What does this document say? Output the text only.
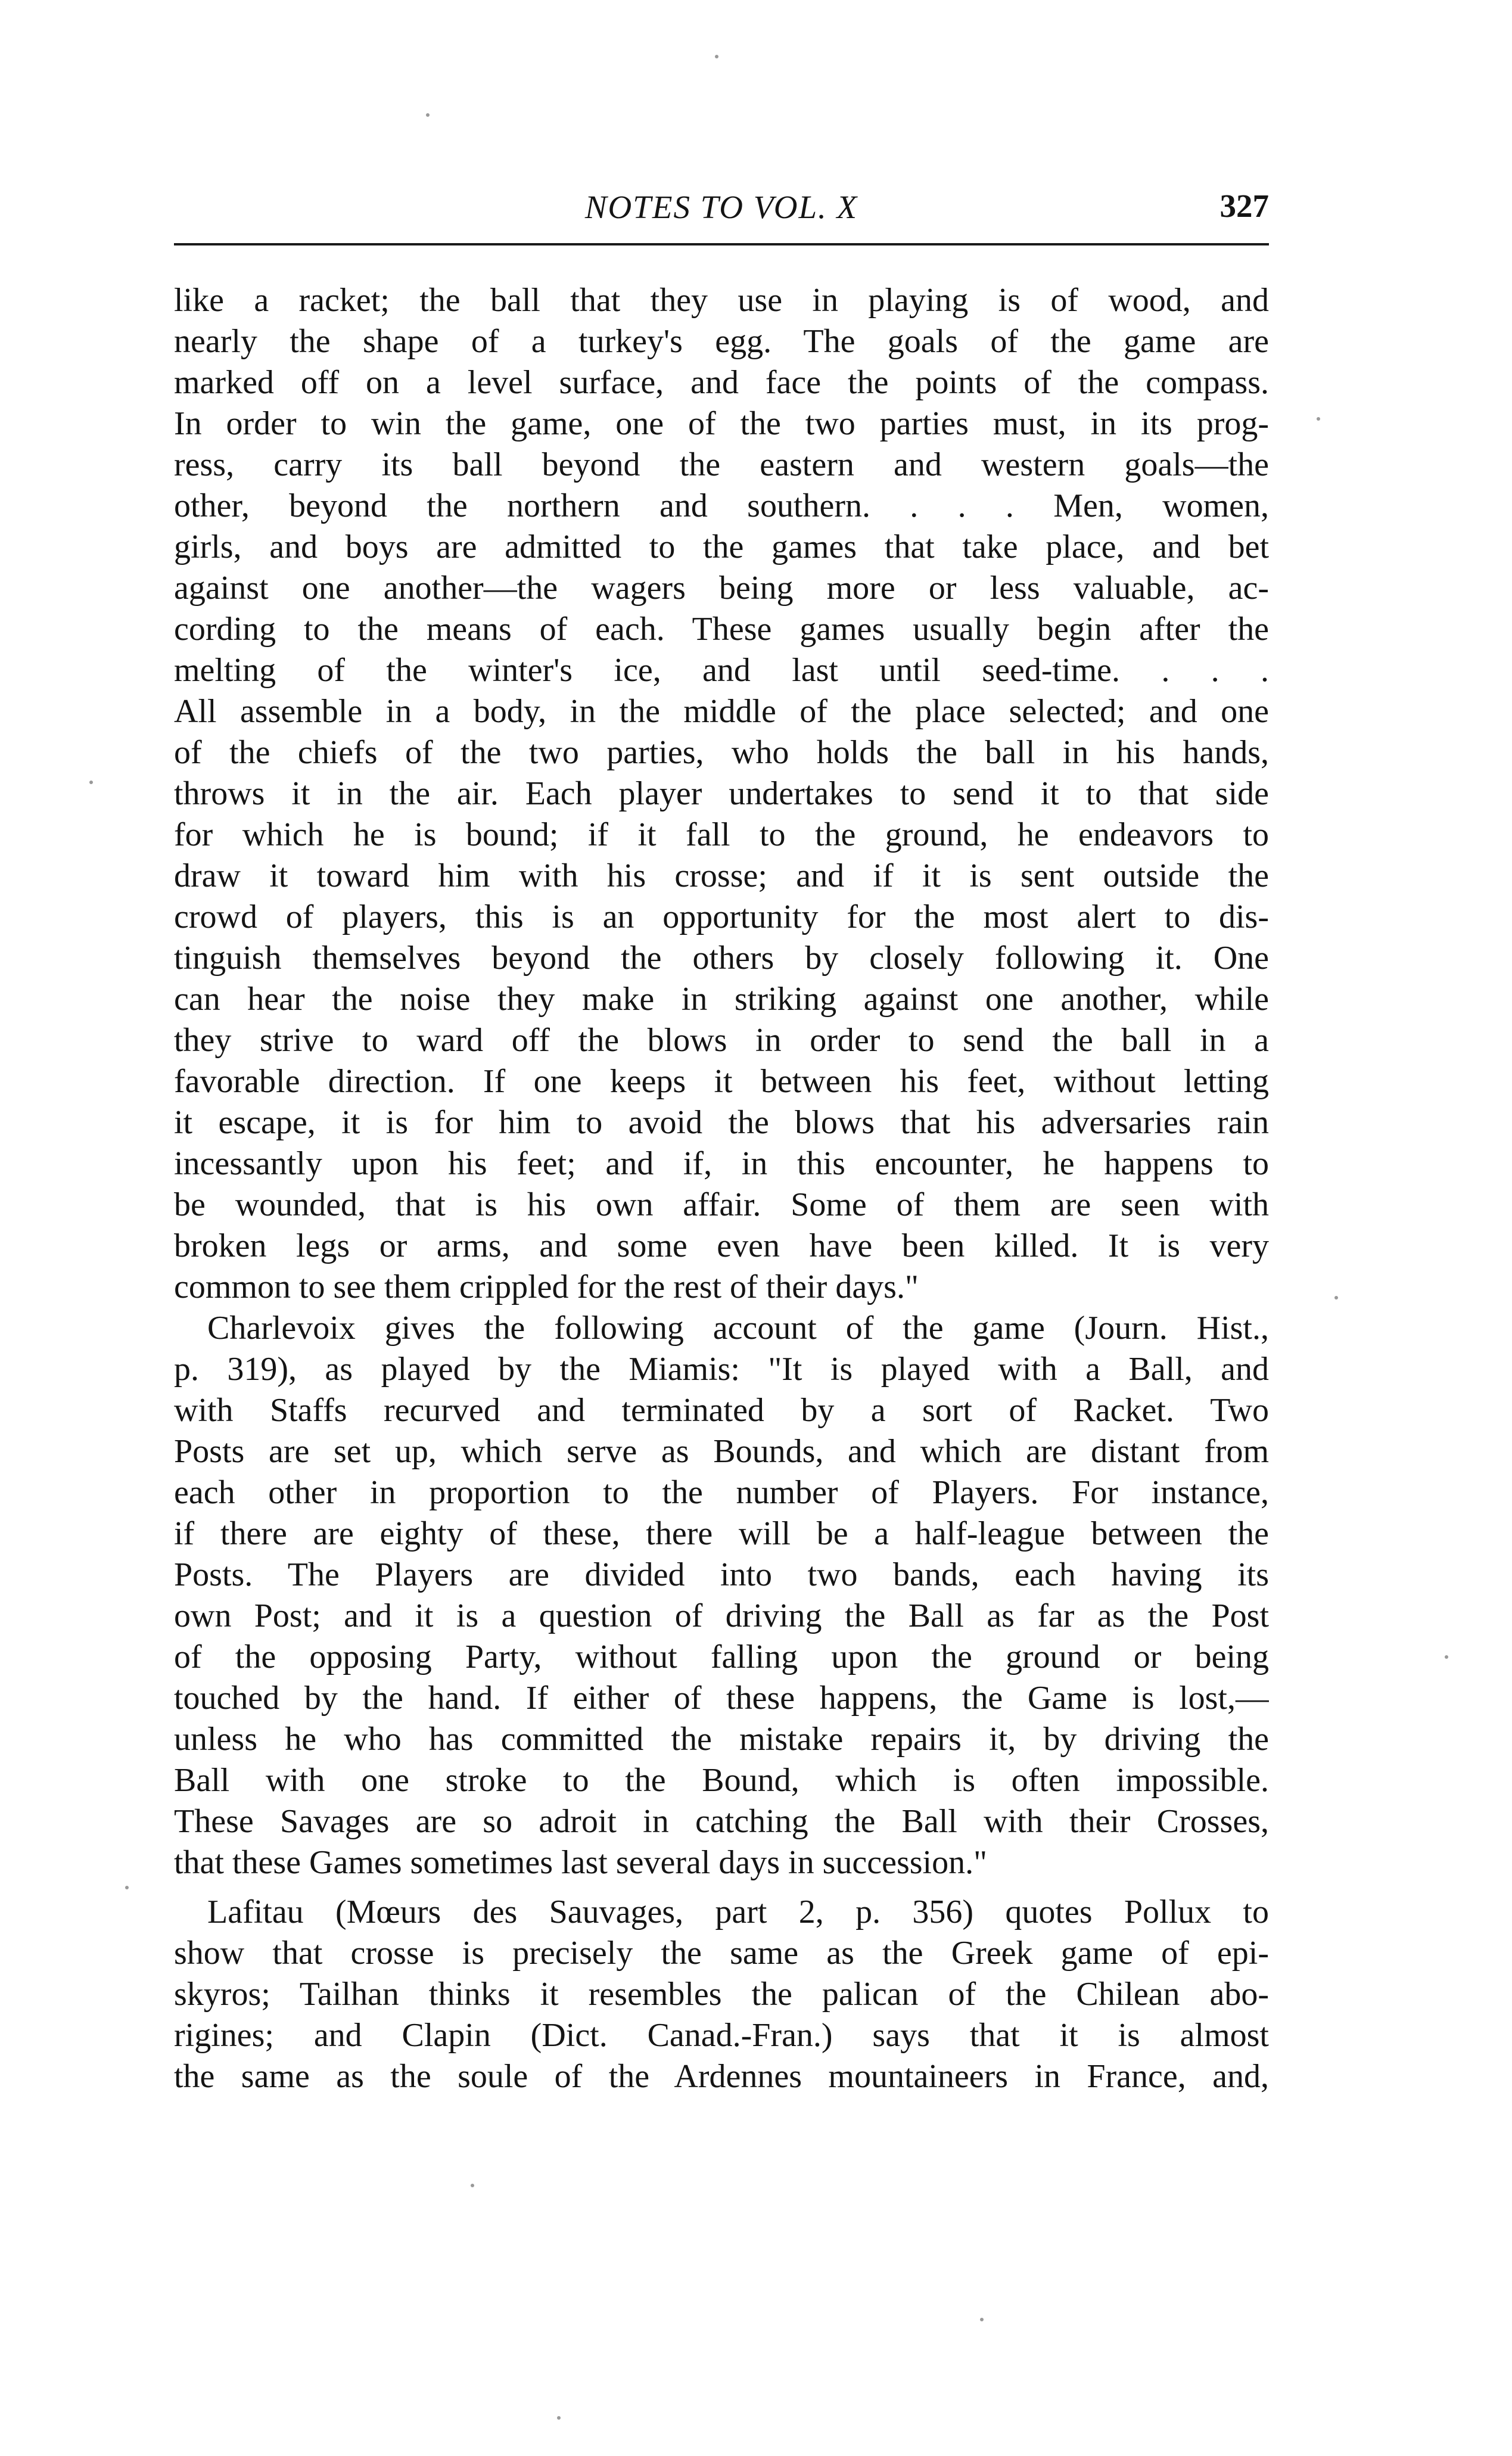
NOTES TO VOL. X	327
like a racket; the ball that they use in playing is of wood, and
nearly the shape of a turkey's egg. The goals of the game are
marked off on a level surface, and face the points of the compass.
In order to win the game, one of the two parties must, in its prog-
ress, carry its ball beyond the eastern and western goals—the
other, beyond the northern and southern. . . . Men, women,
girls, and boys are admitted to the games that take place, and bet
against one another—the wagers being more or less valuable, ac-
cording to the means of each. These games usually begin after the
melting of the winter's ice, and last until seed-time. . . .
All assemble in a body, in the middle of the place selected; and one
of the chiefs of the two parties, who holds the ball in his hands,
throws it in the air. Each player undertakes to send it to that side
for which he is bound; if it fall to the ground, he endeavors to
draw it toward him with his crosse; and if it is sent outside the
crowd of players, this is an opportunity for the most alert to dis-
tinguish themselves beyond the others by closely following it. One
can hear the noise they make in striking against one another, while
they strive to ward off the blows in order to send the ball in a
favorable direction. If one keeps it between his feet, without letting
it escape, it is for him to avoid the blows that his adversaries rain
incessantly upon his feet; and if, in this encounter, he happens to
be wounded, that is his own affair. Some of them are seen with
broken legs or arms, and some even have been killed. It is very
common to see them crippled for the rest of their days."
Charlevoix gives the following account of the game (Journ. Hist.,
p. 319), as played by the Miamis: "It is played with a Ball, and
with Staffs recurved and terminated by a sort of Racket. Two
Posts are set up, which serve as Bounds, and which are distant from
each other in proportion to the number of Players. For instance,
if there are eighty of these, there will be a half-league between the
Posts. The Players are divided into two bands, each having its
own Post; and it is a question of driving the Ball as far as the Post
of the opposing Party, without falling upon the ground or being
touched by the hand. If either of these happens, the Game is lost,—
unless he who has committed the mistake repairs it, by driving the
Ball with one stroke to the Bound, which is often impossible.
These Savages are so adroit in catching the Ball with their Crosses,
that these Games sometimes last several days in succession."
Lafitau (Mœurs des Sauvages, part 2, p. 356) quotes Pollux to
show that crosse is precisely the same as the Greek game of epi-
skyros; Tailhan thinks it resembles the palican of the Chilean abo-
rigines; and Clapin (Dict. Canad.-Fran.) says that it is almost
the same as the soule of the Ardennes mountaineers in France, and,
